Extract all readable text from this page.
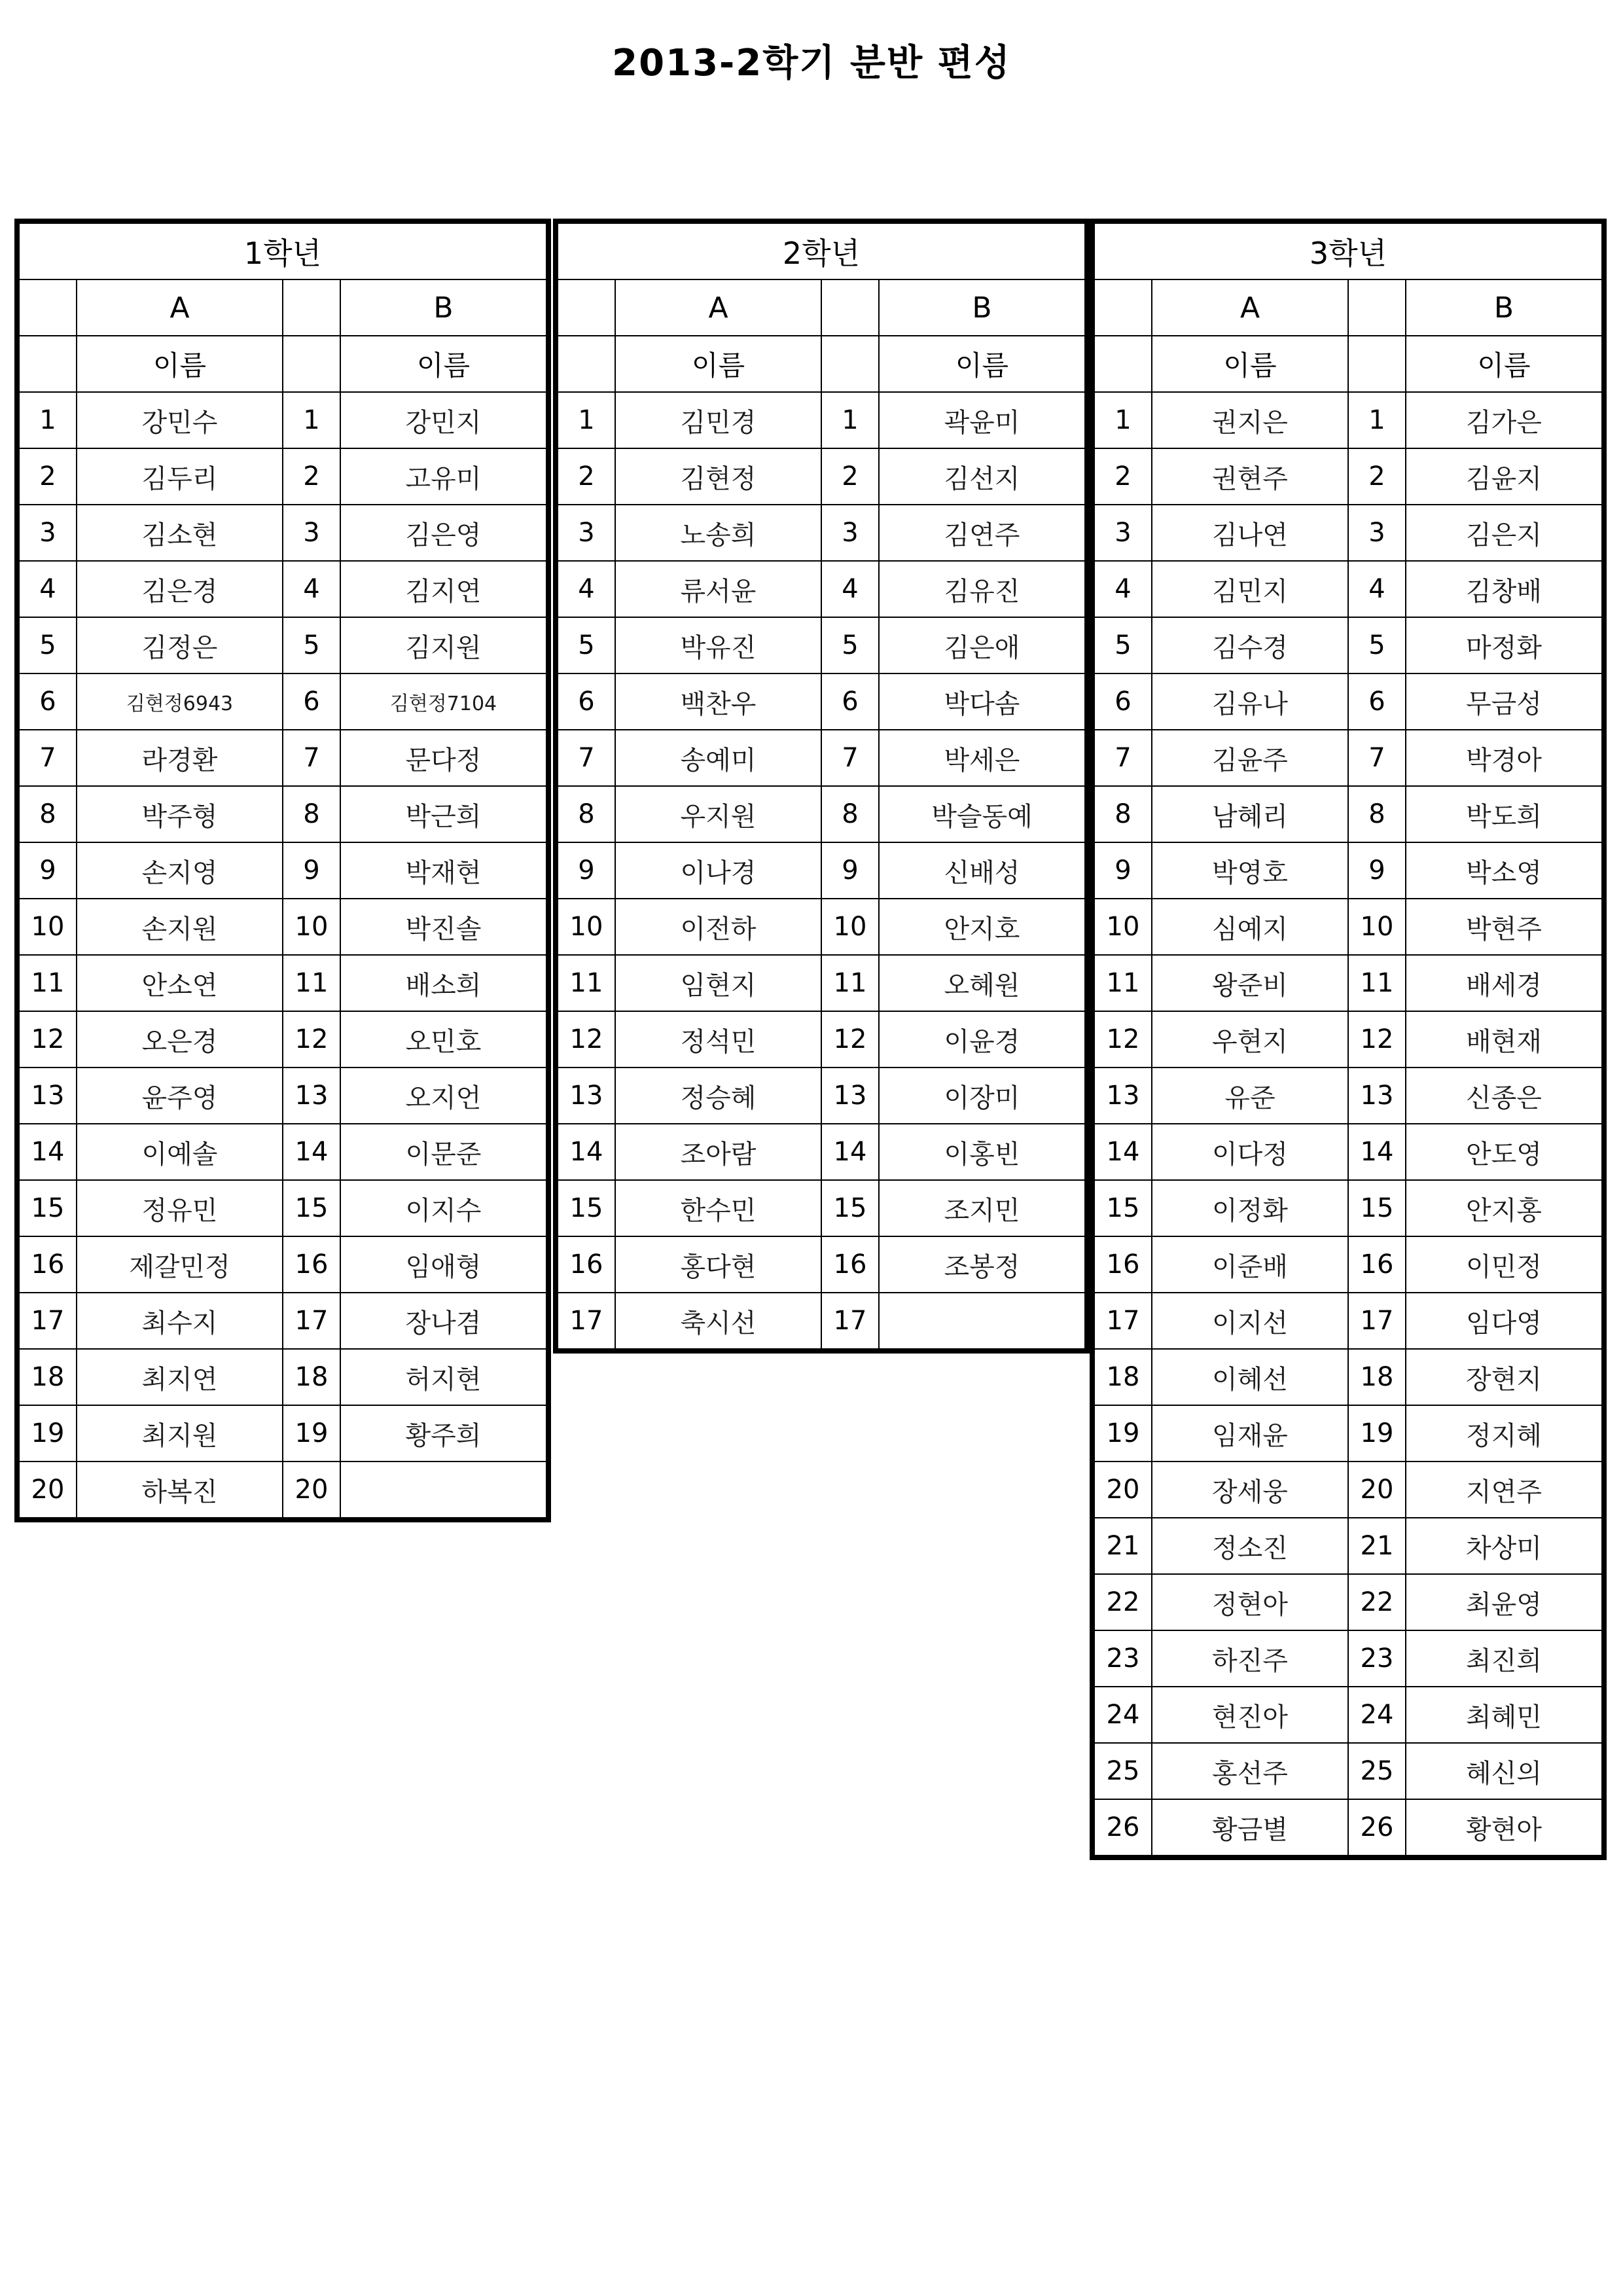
2013-2학기 분반 편성
1학년			
	A		B
	이름		이름
1	강민수	1	강민지
2	김두리	2	고유미
3	김소현	3	김은영
4	김은경	4	김지연
5	김정은	5	김지원
6	김현정6943	6	김현정7104
7	라경환	7	문다정
8	박주형	8	박근희
9	손지영	9	박재현
10	손지원	10	박진솔
11	안소연	11	배소희
12	오은경	12	오민호
13	윤주영	13	오지언
14	이예솔	14	이문준
15	정유민	15	이지수
16	제갈민정	16	임애형
17	최수지	17	장나겸
18	최지연	18	허지현
19	최지원	19	황주희
20	하복진	20	
2학년			
	A		B
	이름		이름
1	김민경	1	곽윤미
2	김현정	2	김선지
3	노송희	3	김연주
4	류서윤	4	김유진
5	박유진	5	김은애
6	백찬우	6	박다솜
7	송예미	7	박세은
8	우지원	8	박슬동예
9	이나경	9	신배성
10	이전하	10	안지호
11	임현지	11	오혜원
12	정석민	12	이윤경
13	정승혜	13	이장미
14	조아람	14	이홍빈
15	한수민	15	조지민
16	홍다현	16	조봉정
17	축시선	17	
3학년			
	A		B
	이름		이름
1	권지은	1	김가은
2	권현주	2	김윤지
3	김나연	3	김은지
4	김민지	4	김창배
5	김수경	5	마정화
6	김유나	6	무금성
7	김윤주	7	박경아
8	남혜리	8	박도희
9	박영호	9	박소영
10	심예지	10	박현주
11	왕준비	11	배세경
12	우현지	12	배현재
13	유준	13	신종은
14	이다정	14	안도영
15	이정화	15	안지홍
16	이준배	16	이민정
17	이지선	17	임다영
18	이혜선	18	장현지
19	임재윤	19	정지혜
20	장세웅	20	지연주
21	정소진	21	차상미
22	정현아	22	최윤영
23	하진주	23	최진희
24	현진아	24	최혜민
25	홍선주	25	혜신의
26	황금별	26	황현아
